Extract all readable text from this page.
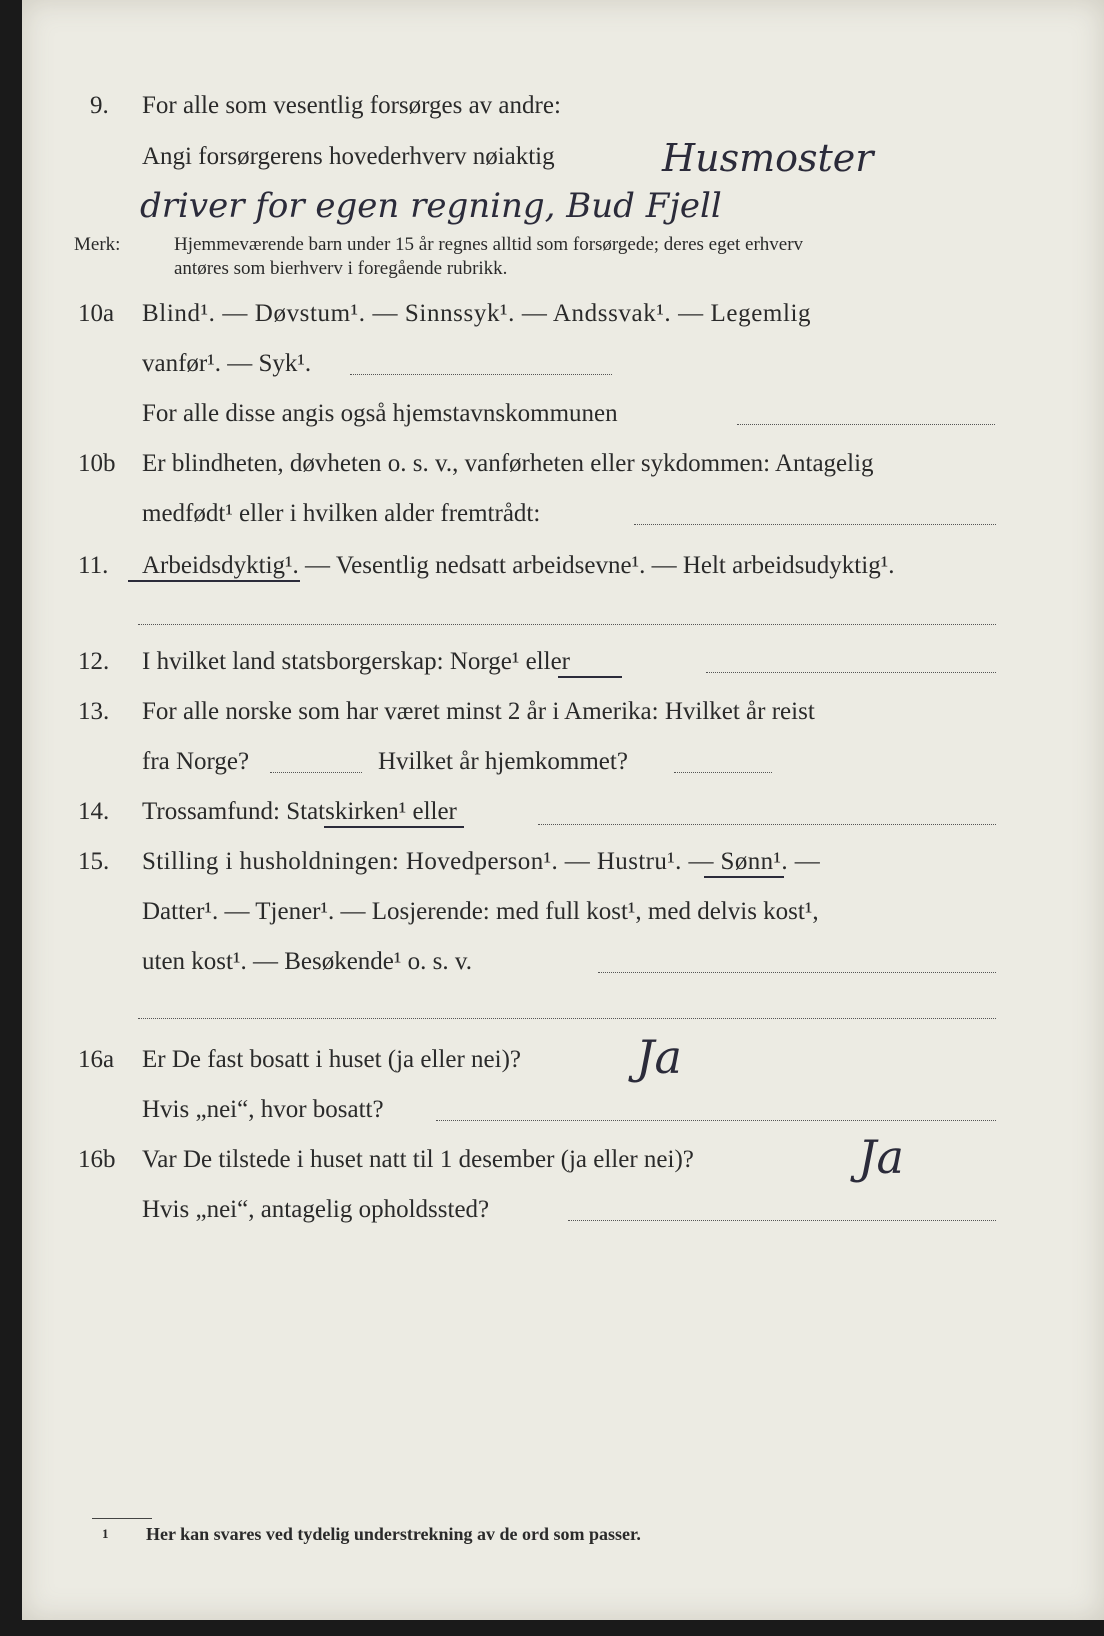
9. For alle som vesentlig forsørges av andre:
Angi forsørgerens hovederhverv nøiaktig	Husmoster
driver for egen regning, Bud Fjell
Merk:	Hjemmeværende barn under 15 år regnes alltid som forsørgede; deres eget erhverv
antøres som bierhverv i foregående rubrikk.
10a Blind¹. — Døvstum¹. — Sinnssyk¹. — Andssvak¹. — Legemlig
vanfør¹. — Syk¹.
For alle disse angis også hjemstavnskommunen
10b Er blindheten, døvheten o. s. v., vanførheten eller sykdommen: Antagelig
medfødt¹ eller i hvilken alder fremtrådt:
11. Arbeidsdyktig¹. — Vesentlig nedsatt arbeidsevne¹. — Helt arbeidsudyktig¹.
12. I hvilket land statsborgerskap: Norge¹ eller
13. For alle norske som har været minst 2 år i Amerika: Hvilket år reist
fra Norge?	Hvilket år hjemkommet?
14. Trossamfund: Statskirken¹ eller
15. Stilling i husholdningen: Hovedperson¹. — Hustru¹. — Sønn¹. —
Datter¹. — Tjener¹. — Losjerende: med full kost¹, med delvis kost¹,
uten kost¹. — Besøkende¹ o. s. v.
16a Er De fast bosatt i huset (ja eller nei)? Ja
Hvis „nei“, hvor bosatt?
16b Var De tilstede i huset natt til 1 desember (ja eller nei)?	Ja
Hvis „nei“, antagelig opholdssted?
1 Her kan svares ved tydelig understrekning av de ord som passer.
